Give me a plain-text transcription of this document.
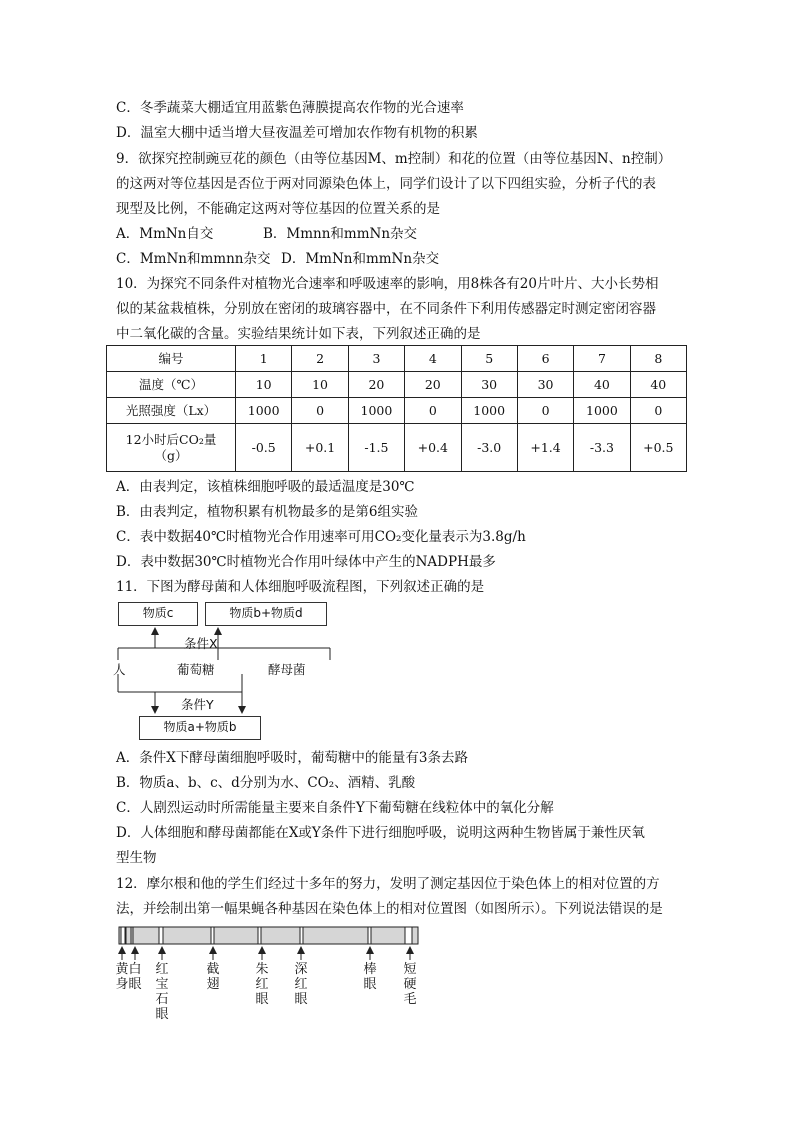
C．冬季蔬菜大棚适宜用蓝紫色薄膜提高农作物的光合速率
D．温室大棚中适当增大昼夜温差可增加农作物有机物的积累
9．欲探究控制豌豆花的颜色（由等位基因M、m控制）和花的位置（由等位基因N、n控制）
的这两对等位基因是否位于两对同源染色体上，同学们设计了以下四组实验，分析子代的表
现型及比例，不能确定这两对等位基因的位置关系的是
A．MmNn自交	B．Mmnn和mmNn杂交
C．MmNn和mmnn杂交 D．MmNn和mmNn杂交
10．为探究不同条件对植物光合速率和呼吸速率的影响，用8株各有20片叶片、大小长势相
似的某盆栽植株，分别放在密闭的玻璃容器中，在不同条件下利用传感器定时测定密闭容器
中二氧化碳的含量。实验结果统计如下表，下列叙述正确的是
编号	1	2	3	4	5	6	7	8
温度（℃）	10	10	20	20	30	30	40	40
光照强度（Lx）	1000	0	1000	0	1000	0	1000	0

12小时后CO₂量
（g）	-0.5	+0.1	-1.5	+0.4	-3.0	+1.4	-3.3	+0.5
A．由表判定，该植株细胞呼吸的最适温度是30℃
B．由表判定，植物积累有机物最多的是第6组实验
C．表中数据40℃时植物光合作用速率可用CO₂变化量表示为3.8g/h
D．表中数据30℃时植物光合作用叶绿体中产生的NADPH最多
11．下图为酵母菌和人体细胞呼吸流程图，下列叙述正确的是
物质c	物质b+物质d
条件X
人	葡萄糖	酵母菌
条件Y
物质a+物质b
A．条件X下酵母菌细胞呼吸时，葡萄糖中的能量有3条去路
B．物质a、b、c、d分别为水、CO₂、酒精、乳酸
C．人剧烈运动时所需能量主要来自条件Y下葡萄糖在线粒体中的氧化分解
D．人体细胞和酵母菌都能在X或Y条件下进行细胞呼吸，说明这两种生物皆属于兼性厌氧
型生物
12．摩尔根和他的学生们经过十多年的努力，发明了测定基因位于染色体上的相对位置的方
法，并绘制出第一幅果蝇各种基因在染色体上的相对位置图（如图所示）。下列说法错误的是
黄身
白眼
红宝石眼
截翅
朱红眼
深红眼
棒眼
短硬毛
